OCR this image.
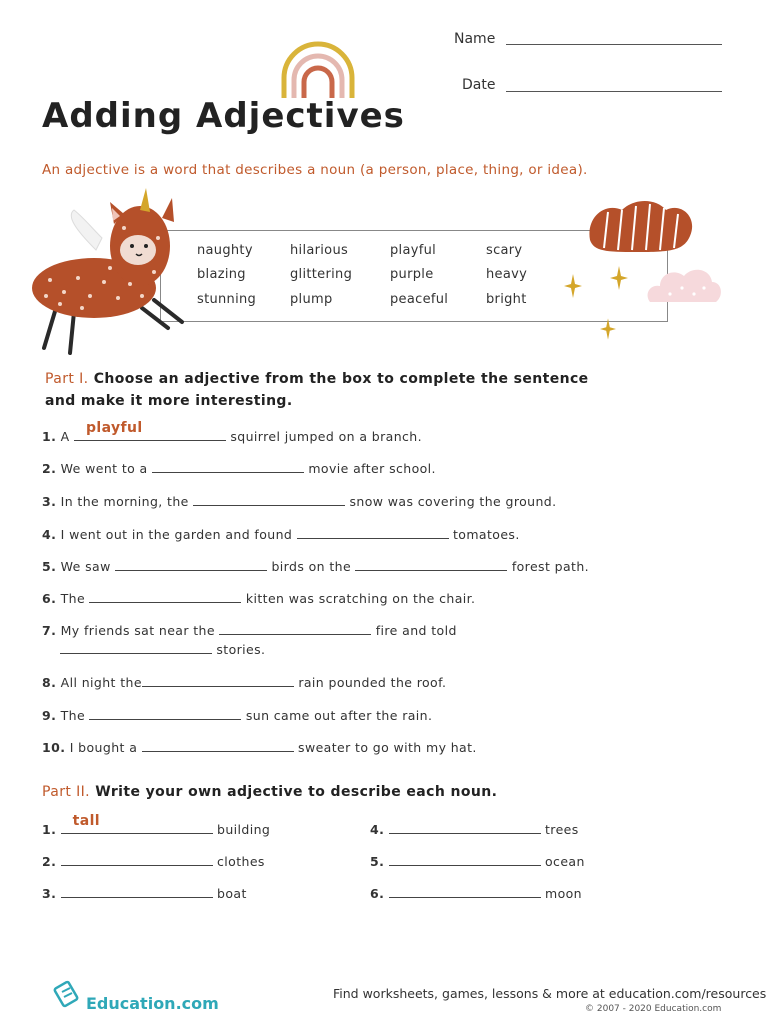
Name
Date
Adding Adjectives
An adjective is a word that describes a noun (a person, place, thing, or idea).
naughty	hilarious	playful	scary
blazing	glittering	purple	heavy
stunning	plump	peaceful	bright
Part I. Choose an adjective from the box to complete the sentence
and make it more interesting.
1. A
playful
squirrel jumped on a branch.
2. We went to a	movie after school.
3. In the morning, the	snow was covering the ground.
4. I went out in the garden and found	tomatoes.
5. We saw	birds on the	forest path.
6. The	kitten was scratching on the chair.
7. My friends sat near the	fire and told
stories.
8. All night the	rain pounded the roof.
9. The	sun came out after the rain.
10. I bought a	sweater to go with my hat.
Part II. Write your own adjective to describe each noun.
1.
tall
building
2.	clothes
3.	boat
4.	trees
5.	ocean
6.	moon
Education.com
Find worksheets, games, lessons & more at education.com/resources
© 2007 - 2020 Education.com
